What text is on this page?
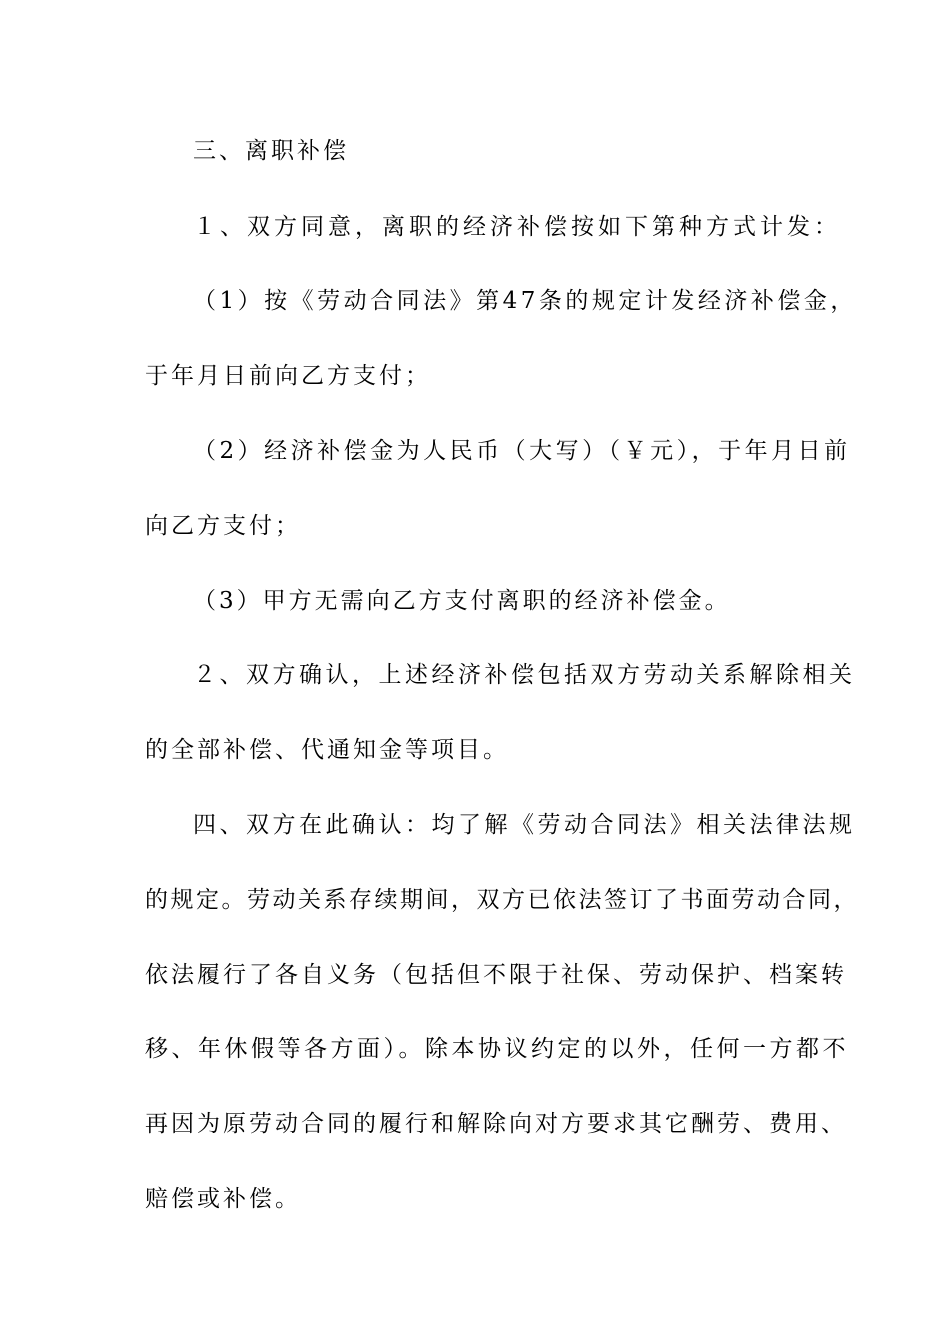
三、离职补偿
１、双方同意，离职的经济补偿按如下第种方式计发：
（1）按《劳动合同法》第47条的规定计发经济补偿金，
于年月日前向乙方支付；
（2）经济补偿金为人民币（大写）（￥元），于年月日前
向乙方支付；
（3）甲方无需向乙方支付离职的经济补偿金。
２、双方确认，上述经济补偿包括双方劳动关系解除相关
的全部补偿、代通知金等项目。
四、双方在此确认：均了解《劳动合同法》相关法律法规
的规定。劳动关系存续期间，双方已依法签订了书面劳动合同，
依法履行了各自义务（包括但不限于社保、劳动保护、档案转
移、年休假等各方面）。除本协议约定的以外，任何一方都不
再因为原劳动合同的履行和解除向对方要求其它酬劳、费用、
赔偿或补偿。
